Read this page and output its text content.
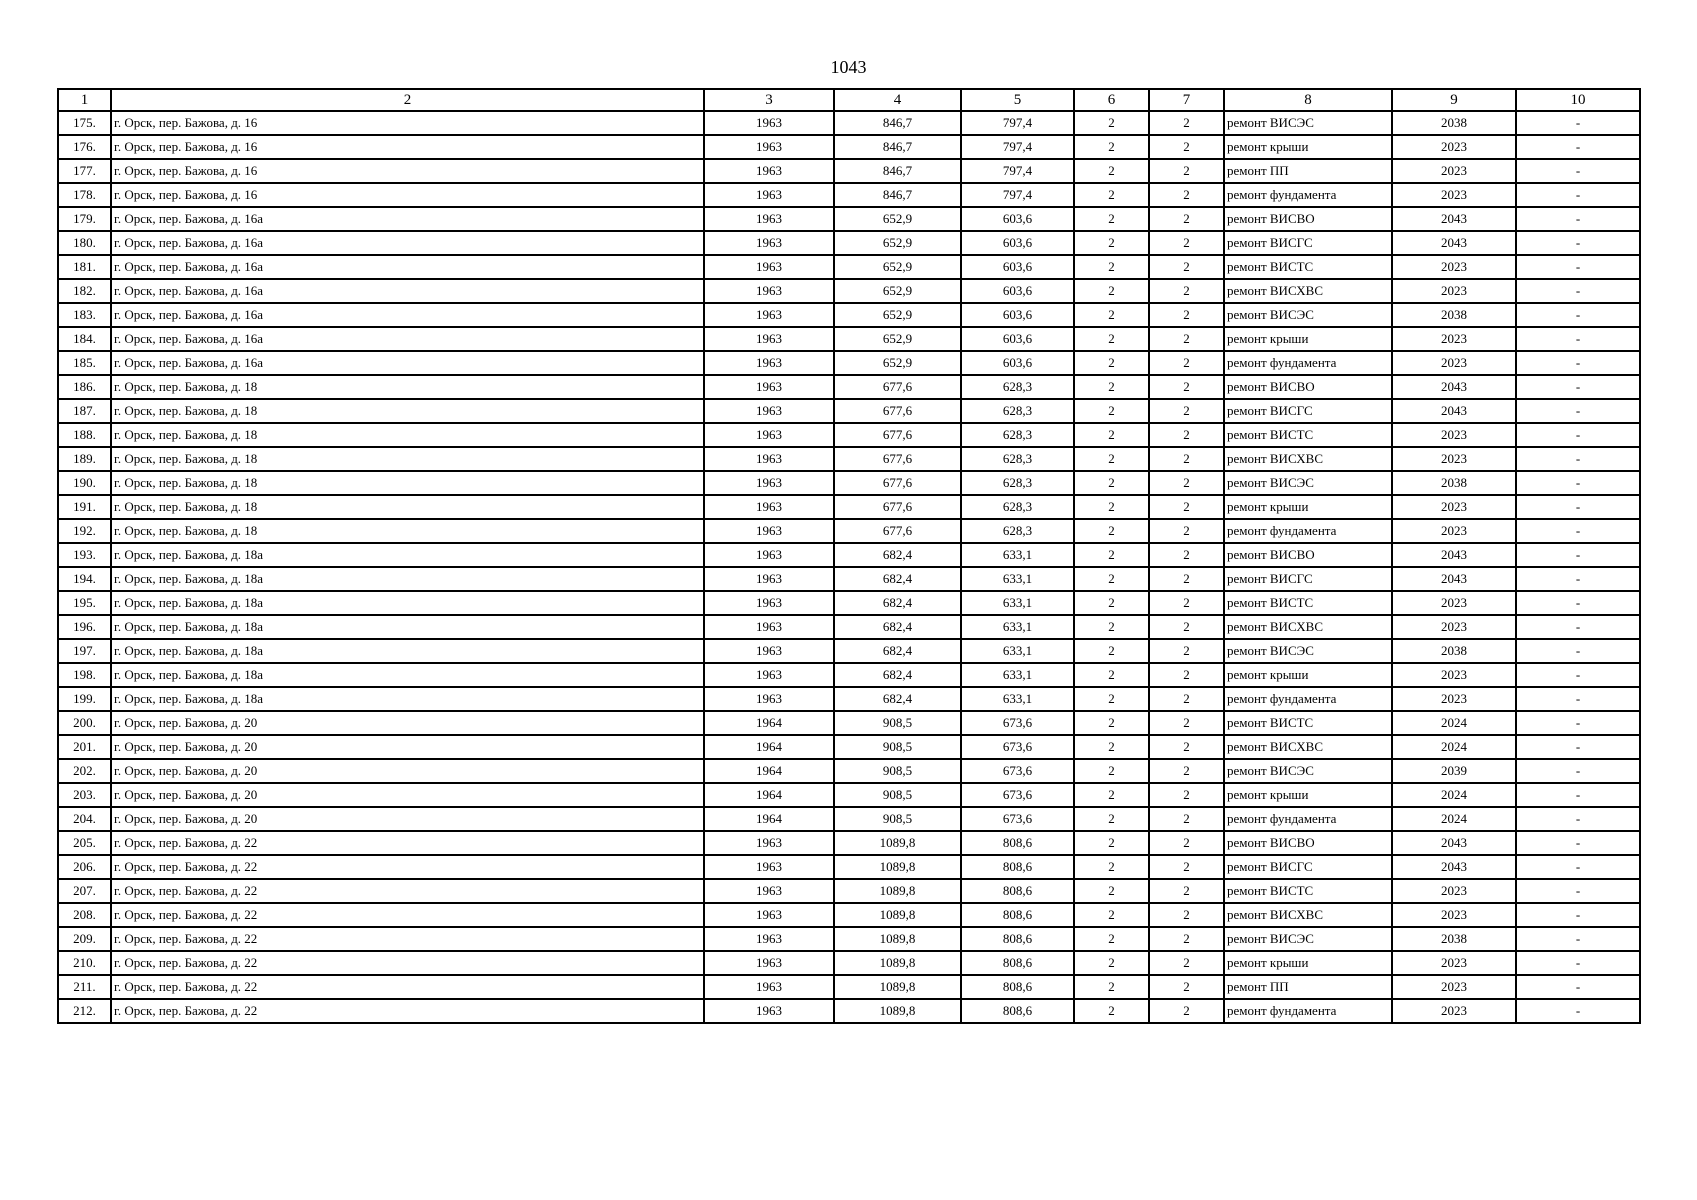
1043
1	2	3	4	5	6	7	8	9	10
175.	г. Орск, пер. Бажова, д. 16	1963	846,7	797,4	2	2	ремонт ВИСЭС	2038	-
176.	г. Орск, пер. Бажова, д. 16	1963	846,7	797,4	2	2	ремонт крыши	2023	-
177.	г. Орск, пер. Бажова, д. 16	1963	846,7	797,4	2	2	ремонт ПП	2023	-
178.	г. Орск, пер. Бажова, д. 16	1963	846,7	797,4	2	2	ремонт фундамента	2023	-
179.	г. Орск, пер. Бажова, д. 16а	1963	652,9	603,6	2	2	ремонт ВИСВО	2043	-
180.	г. Орск, пер. Бажова, д. 16а	1963	652,9	603,6	2	2	ремонт ВИСГС	2043	-
181.	г. Орск, пер. Бажова, д. 16а	1963	652,9	603,6	2	2	ремонт ВИСТС	2023	-
182.	г. Орск, пер. Бажова, д. 16а	1963	652,9	603,6	2	2	ремонт ВИСХВС	2023	-
183.	г. Орск, пер. Бажова, д. 16а	1963	652,9	603,6	2	2	ремонт ВИСЭС	2038	-
184.	г. Орск, пер. Бажова, д. 16а	1963	652,9	603,6	2	2	ремонт крыши	2023	-
185.	г. Орск, пер. Бажова, д. 16а	1963	652,9	603,6	2	2	ремонт фундамента	2023	-
186.	г. Орск, пер. Бажова, д. 18	1963	677,6	628,3	2	2	ремонт ВИСВО	2043	-
187.	г. Орск, пер. Бажова, д. 18	1963	677,6	628,3	2	2	ремонт ВИСГС	2043	-
188.	г. Орск, пер. Бажова, д. 18	1963	677,6	628,3	2	2	ремонт ВИСТС	2023	-
189.	г. Орск, пер. Бажова, д. 18	1963	677,6	628,3	2	2	ремонт ВИСХВС	2023	-
190.	г. Орск, пер. Бажова, д. 18	1963	677,6	628,3	2	2	ремонт ВИСЭС	2038	-
191.	г. Орск, пер. Бажова, д. 18	1963	677,6	628,3	2	2	ремонт крыши	2023	-
192.	г. Орск, пер. Бажова, д. 18	1963	677,6	628,3	2	2	ремонт фундамента	2023	-
193.	г. Орск, пер. Бажова, д. 18а	1963	682,4	633,1	2	2	ремонт ВИСВО	2043	-
194.	г. Орск, пер. Бажова, д. 18а	1963	682,4	633,1	2	2	ремонт ВИСГС	2043	-
195.	г. Орск, пер. Бажова, д. 18а	1963	682,4	633,1	2	2	ремонт ВИСТС	2023	-
196.	г. Орск, пер. Бажова, д. 18а	1963	682,4	633,1	2	2	ремонт ВИСХВС	2023	-
197.	г. Орск, пер. Бажова, д. 18а	1963	682,4	633,1	2	2	ремонт ВИСЭС	2038	-
198.	г. Орск, пер. Бажова, д. 18а	1963	682,4	633,1	2	2	ремонт крыши	2023	-
199.	г. Орск, пер. Бажова, д. 18а	1963	682,4	633,1	2	2	ремонт фундамента	2023	-
200.	г. Орск, пер. Бажова, д. 20	1964	908,5	673,6	2	2	ремонт ВИСТС	2024	-
201.	г. Орск, пер. Бажова, д. 20	1964	908,5	673,6	2	2	ремонт ВИСХВС	2024	-
202.	г. Орск, пер. Бажова, д. 20	1964	908,5	673,6	2	2	ремонт ВИСЭС	2039	-
203.	г. Орск, пер. Бажова, д. 20	1964	908,5	673,6	2	2	ремонт крыши	2024	-
204.	г. Орск, пер. Бажова, д. 20	1964	908,5	673,6	2	2	ремонт фундамента	2024	-
205.	г. Орск, пер. Бажова, д. 22	1963	1089,8	808,6	2	2	ремонт ВИСВО	2043	-
206.	г. Орск, пер. Бажова, д. 22	1963	1089,8	808,6	2	2	ремонт ВИСГС	2043	-
207.	г. Орск, пер. Бажова, д. 22	1963	1089,8	808,6	2	2	ремонт ВИСТС	2023	-
208.	г. Орск, пер. Бажова, д. 22	1963	1089,8	808,6	2	2	ремонт ВИСХВС	2023	-
209.	г. Орск, пер. Бажова, д. 22	1963	1089,8	808,6	2	2	ремонт ВИСЭС	2038	-
210.	г. Орск, пер. Бажова, д. 22	1963	1089,8	808,6	2	2	ремонт крыши	2023	-
211.	г. Орск, пер. Бажова, д. 22	1963	1089,8	808,6	2	2	ремонт ПП	2023	-
212.	г. Орск, пер. Бажова, д. 22	1963	1089,8	808,6	2	2	ремонт фундамента	2023	-
